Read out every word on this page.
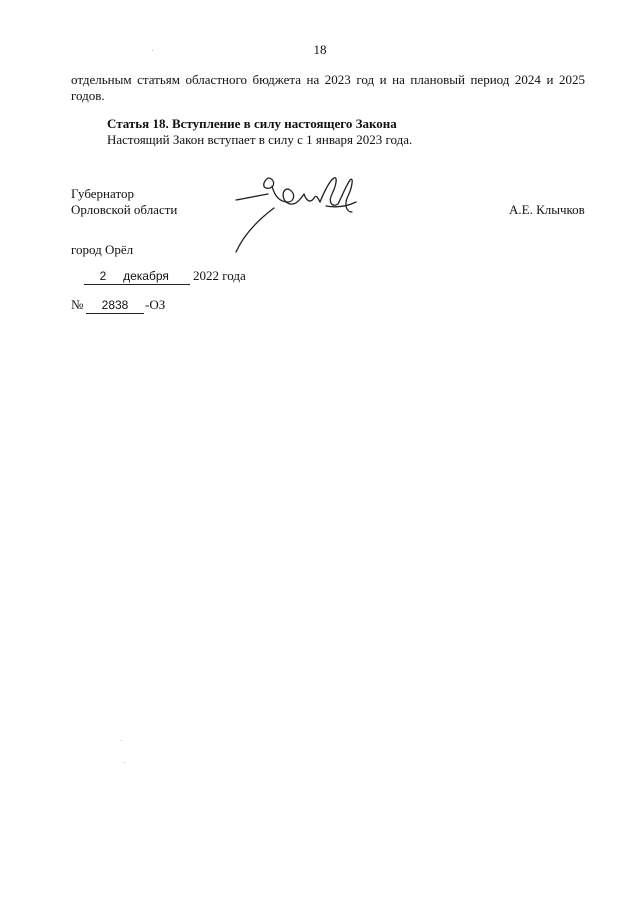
18
отдельным статьям областного бюджета на 2023 год и на плановый период 2024 и 2025
годов.
Статья 18. Вступление в силу настоящего Закона
Настоящий Закон вступает в силу с 1 января 2023 года.
Губернатор
Орловской области	А.Е. Клычков
город Орёл
2	декабря	2022 года
№	2838 -ОЗ
